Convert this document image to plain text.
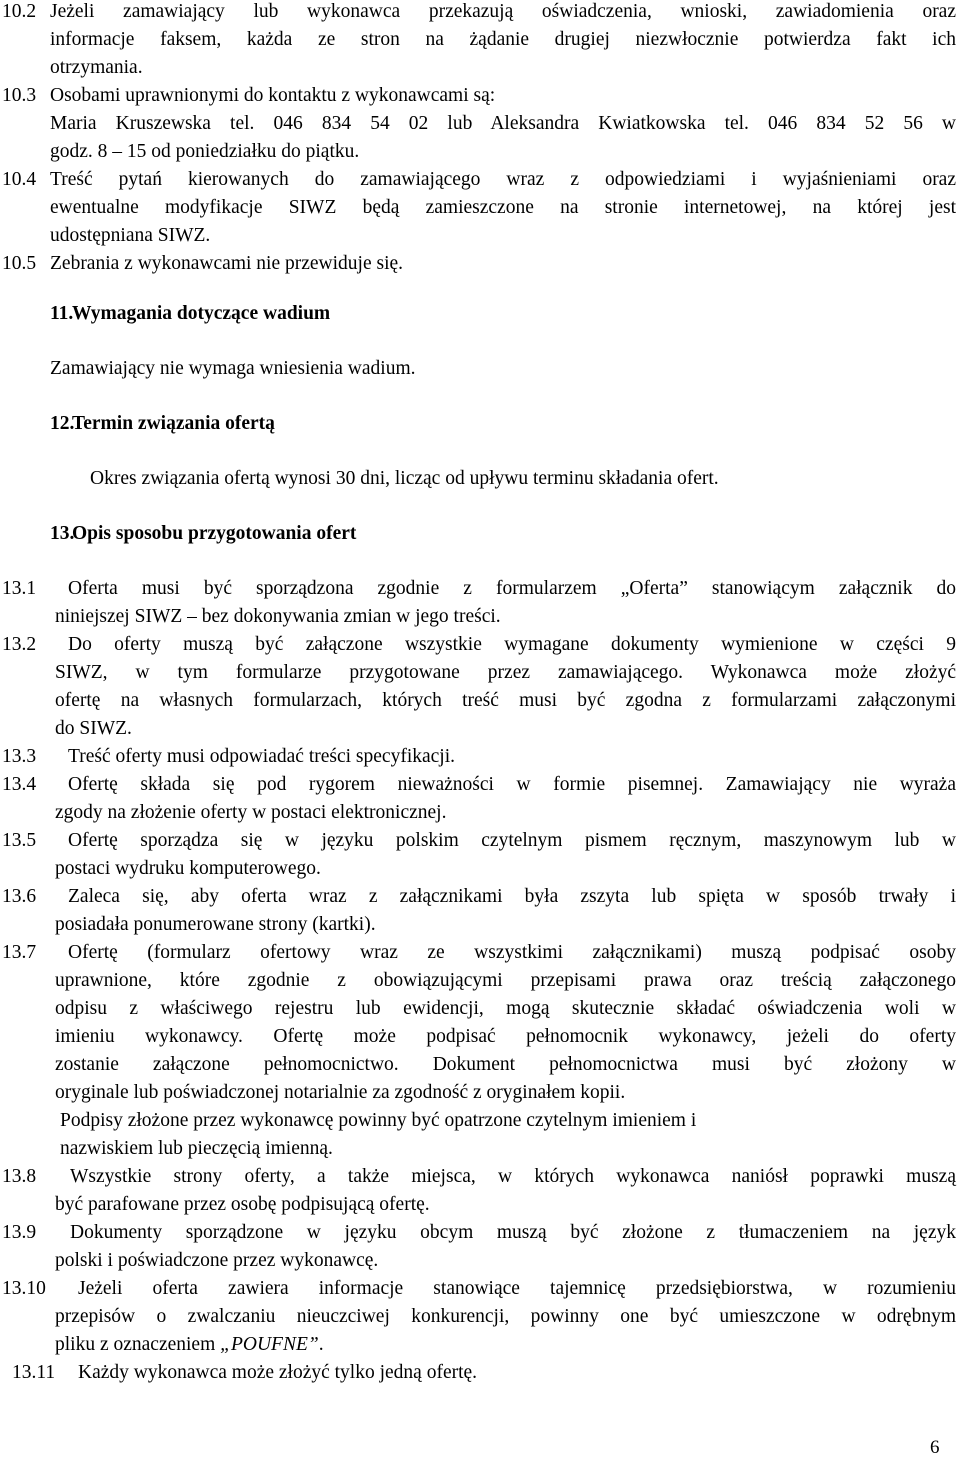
10.2 Jeżeli zamawiający lub wykonawca przekazują oświadczenia, wnioski, zawiadomienia oraz
informacje faksem, każda ze stron na żądanie drugiej niezwłocznie potwierdza fakt ich
otrzymania.
10.3 Osobami uprawnionymi do kontaktu z wykonawcami są:
Maria Kruszewska tel. 046 834 54 02 lub Aleksandra Kwiatkowska tel. 046 834 52 56 w
godz. 8 – 15 od poniedziałku do piątku.
10.4 Treść pytań kierowanych do zamawiającego wraz z odpowiedziami i wyjaśnieniami oraz
ewentualne modyfikacje SIWZ będą zamieszczone na stronie internetowej, na której jest
udostępniana SIWZ.
10.5 Zebrania z wykonawcami nie przewiduje się.
11.
Wymagania dotyczące wadium
Zamawiający nie wymaga wniesienia wadium.
12.
Termin związania ofertą
Okres związania ofertą wynosi 30 dni, licząc od upływu terminu składania ofert.
13.
Opis sposobu przygotowania ofert
13.1 Oferta musi być sporządzona zgodnie z formularzem „Oferta” stanowiącym załącznik do
niniejszej SIWZ – bez dokonywania zmian w jego treści.
13.2 Do oferty muszą być załączone wszystkie wymagane dokumenty wymienione w części 9
SIWZ, w tym formularze przygotowane przez zamawiającego. Wykonawca może złożyć
ofertę na własnych formularzach, których treść musi być zgodna z formularzami załączonymi
do SIWZ.
13.3 Treść oferty musi odpowiadać treści specyfikacji.
13.4 Ofertę składa się pod rygorem nieważności w formie pisemnej. Zamawiający nie wyraża
zgody na złożenie oferty w postaci elektronicznej.
13.5 Ofertę sporządza się w języku polskim czytelnym pismem ręcznym, maszynowym lub w
postaci wydruku komputerowego.
13.6 Zaleca się, aby oferta wraz z załącznikami była zszyta lub spięta w sposób trwały i
posiadała ponumerowane strony (kartki).
13.7 Ofertę (formularz ofertowy wraz ze wszystkimi załącznikami) muszą podpisać osoby
uprawnione, które zgodnie z obowiązującymi przepisami prawa oraz treścią załączonego
odpisu z właściwego rejestru lub ewidencji, mogą skutecznie składać oświadczenia woli w
imieniu wykonawcy. Ofertę może podpisać pełnomocnik wykonawcy, jeżeli do oferty
zostanie załączone pełnomocnictwo. Dokument pełnomocnictwa musi być złożony w
oryginale lub poświadczonej notarialnie za zgodność z oryginałem kopii.
Podpisy złożone przez wykonawcę powinny być opatrzone czytelnym imieniem i
nazwiskiem lub pieczęcią imienną.
13.8 Wszystkie strony oferty, a także miejsca, w których wykonawca naniósł poprawki muszą
być parafowane przez osobę podpisującą ofertę.
13.9 Dokumenty sporządzone w języku obcym muszą być złożone z tłumaczeniem na język
polski i poświadczone przez wykonawcę.
13.10 Jeżeli oferta zawiera informacje stanowiące tajemnicę przedsiębiorstwa, w rozumieniu
przepisów o zwalczaniu nieuczciwej konkurencji, powinny one być umieszczone w odrębnym
pliku z oznaczeniem „POUFNE”.
13.11 Każdy wykonawca może złożyć tylko jedną ofertę.
6
